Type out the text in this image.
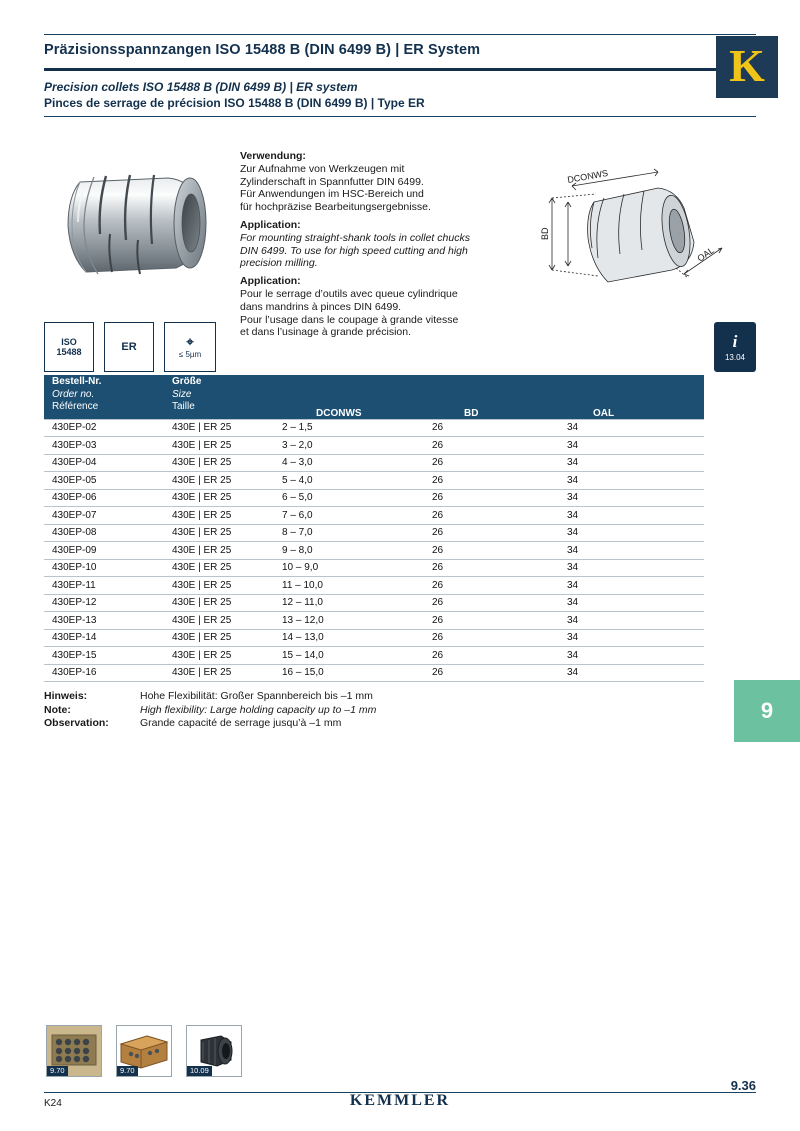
Präzisionsspannzangen ISO 15488 B (DIN 6499 B) | ER System
Precision collets ISO 15488 B (DIN 6499 B) | ER system
Pinces de serrage de précision ISO 15488 B (DIN 6499 B) | Type ER
K

Verwendung:

Zur Aufnahme von Werkzeugen mit

Zylinderschaft in Spannfutter DIN 6499.

Für Anwendungen im HSC-Bereich und

für hochpräzise Bearbeitungsergebnisse.

Application:

For mounting straight-shank tools in collet chucks

DIN 6499. To use for high speed cutting and high

precision milling.

Application:

Pour le serrage d’outils avec queue cylindrique

dans mandrins à pinces DIN 6499.

Pour l’usage dans le coupage à grande vitesse

et dans l’usinage à grande précision.

DCONWS
BD
OAL
ISO
15488	ER	⌖
≤ 5µm
i
13.04
Bestell-Nr.
Order no.
Référence

Größe
Size
Taille
	DCONWS	BD	OAL
430EP-02	430E | ER 25	2 – 1,5	26	34
430EP-03	430E | ER 25	3 – 2,0	26	34
430EP-04	430E | ER 25	4 – 3,0	26	34
430EP-05	430E | ER 25	5 – 4,0	26	34
430EP-06	430E | ER 25	6 – 5,0	26	34
430EP-07	430E | ER 25	7 – 6,0	26	34
430EP-08	430E | ER 25	8 – 7,0	26	34
430EP-09	430E | ER 25	9 – 8,0	26	34
430EP-10	430E | ER 25	10 – 9,0	26	34
430EP-11	430E | ER 25	11 – 10,0	26	34
430EP-12	430E | ER 25	12 – 11,0	26	34
430EP-13	430E | ER 25	13 – 12,0	26	34
430EP-14	430E | ER 25	14 – 13,0	26	34
430EP-15	430E | ER 25	15 – 14,0	26	34
430EP-16	430E | ER 25	16 – 15,0	26	34
Hinweis:	Hohe Flexibilität: Großer Spannbereich bis –1 mm
Note:	High flexibility: Large holding capacity up to –1 mm
Observation:	Grande capacité de serrage jusqu’à –1 mm
9
9.70	9.70	10.09
K24	KEMMLER
9.36
